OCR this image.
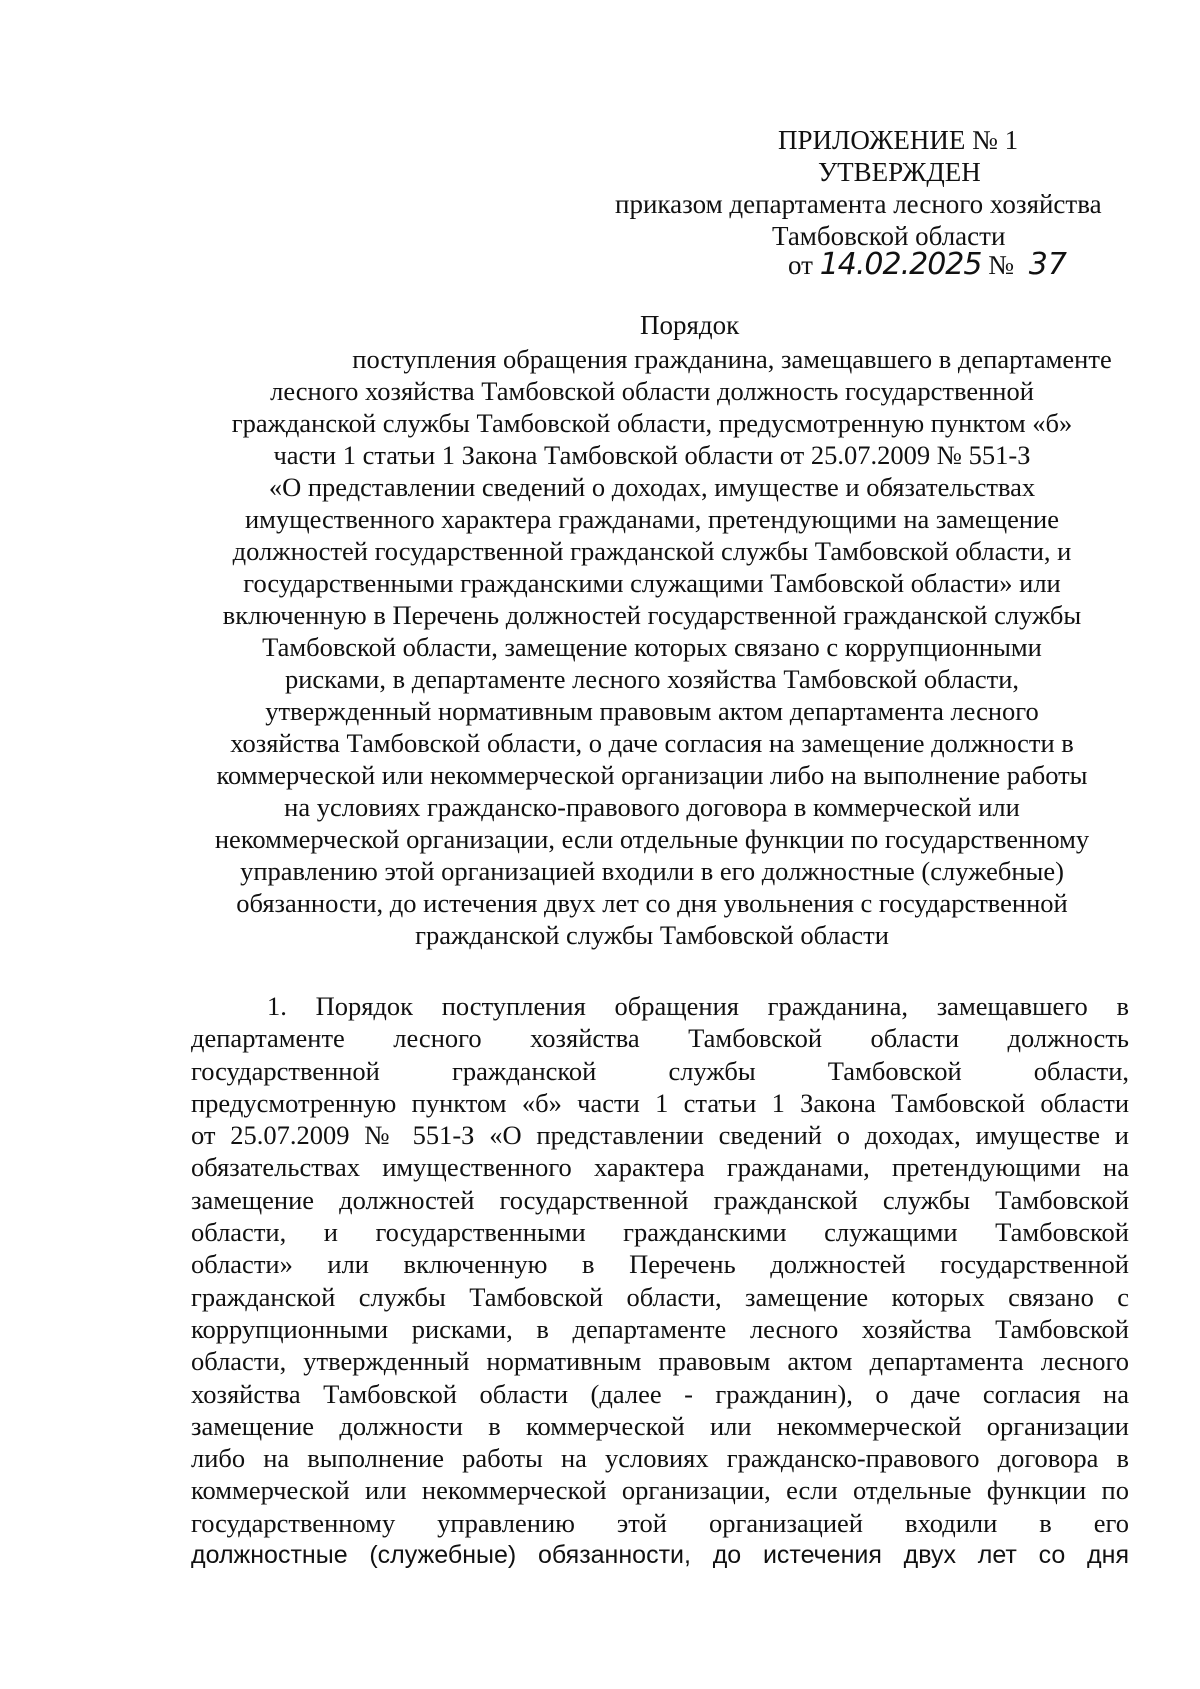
ПРИЛОЖЕНИЕ № 1
УТВЕРЖДЕН
приказом департамента лесного хозяйства
Тамбовской области
от 14.02.2025 № 37
Порядок
поступления обращения гражданина, замещавшего в департаменте
лесного хозяйства Тамбовской области должность государственной
гражданской службы Тамбовской области, предусмотренную пунктом «б»
части 1 статьи 1 Закона Тамбовской области от 25.07.2009 № 551-З
«О представлении сведений о доходах, имуществе и обязательствах
имущественного характера гражданами, претендующими на замещение
должностей государственной гражданской службы Тамбовской области, и
государственными гражданскими служащими Тамбовской области» или
включенную в Перечень должностей государственной гражданской службы
Тамбовской области, замещение которых связано с коррупционными
рисками, в департаменте лесного хозяйства Тамбовской области,
утвержденный нормативным правовым актом департамента лесного
хозяйства Тамбовской области, о даче согласия на замещение должности в
коммерческой или некоммерческой организации либо на выполнение работы
на условиях гражданско-правового договора в коммерческой или
некоммерческой организации, если отдельные функции по государственному
управлению этой организацией входили в его должностные (служебные)
обязанности, до истечения двух лет со дня увольнения с государственной
гражданской службы Тамбовской области
1. Порядок поступления обращения гражданина, замещавшего в
департаменте лесного хозяйства Тамбовской области должность
государственной гражданской службы Тамбовской области,
предусмотренную пунктом «б» части 1 статьи 1 Закона Тамбовской области
от 25.07.2009 № 551-З «О представлении сведений о доходах, имуществе и
обязательствах имущественного характера гражданами, претендующими на
замещение должностей государственной гражданской службы Тамбовской
области, и государственными гражданскими служащими Тамбовской
области» или включенную в Перечень должностей государственной
гражданской службы Тамбовской области, замещение которых связано с
коррупционными рисками, в департаменте лесного хозяйства Тамбовской
области, утвержденный нормативным правовым актом департамента лесного
хозяйства Тамбовской области (далее - гражданин), о даче согласия на
замещение должности в коммерческой или некоммерческой организации
либо на выполнение работы на условиях гражданско-правового договора в
коммерческой или некоммерческой организации, если отдельные функции по
государственному управлению этой организацией входили в его
должностные (служебные) обязанности, до истечения двух лет со дня
